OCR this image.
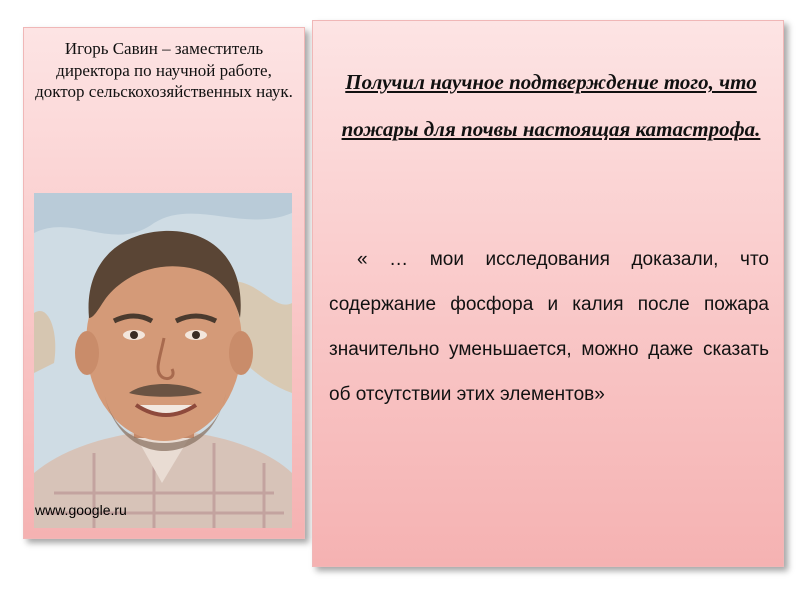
Игорь Савин – заместитель директора по научной работе, доктор сельскохозяйственных наук.

www.google.ru

Получил научное подтверждение того, что пожары для почвы настоящая катастрофа.

« … мои исследования доказали, что содержание фосфора и калия после пожара значительно уменьшается, можно даже сказать об отсутствии этих элементов»
